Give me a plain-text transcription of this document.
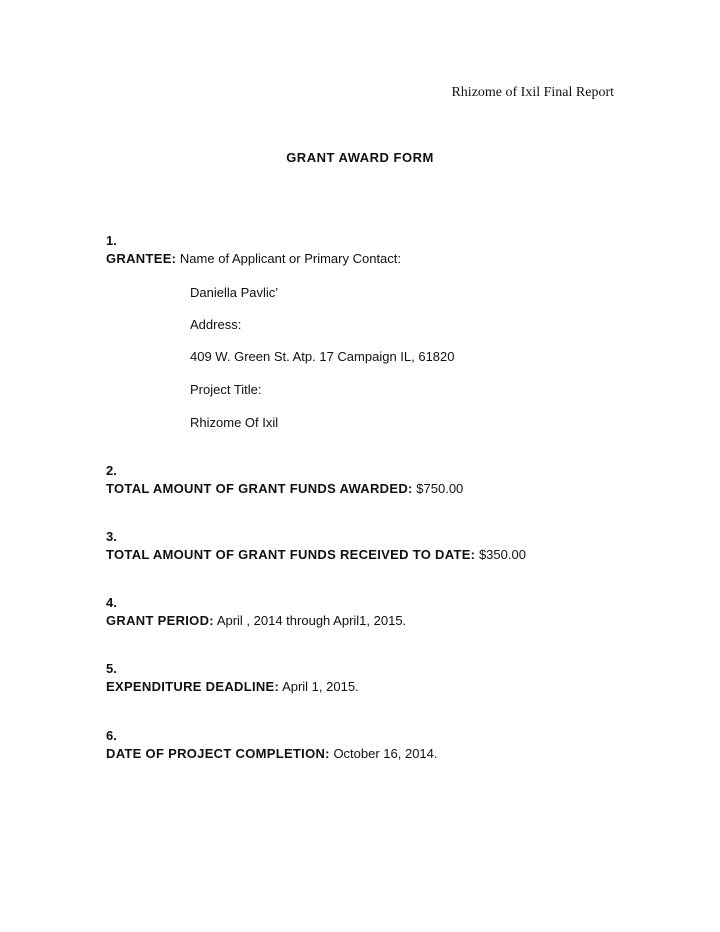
Rhizome of Ixil Final Report
GRANT AWARD FORM
1.
GRANTEE: Name of Applicant or Primary Contact:
Daniella Pavlic’
Address:
409 W. Green St. Atp. 17 Campaign IL, 61820
Project Title:
Rhizome Of Ixil
2.
TOTAL AMOUNT OF GRANT FUNDS AWARDED: $750.00
3.
TOTAL AMOUNT OF GRANT FUNDS RECEIVED TO DATE: $350.00
4.
GRANT PERIOD: April , 2014 through April1, 2015.
5.
EXPENDITURE DEADLINE: April 1, 2015.
6.
DATE OF PROJECT COMPLETION: October 16, 2014.
